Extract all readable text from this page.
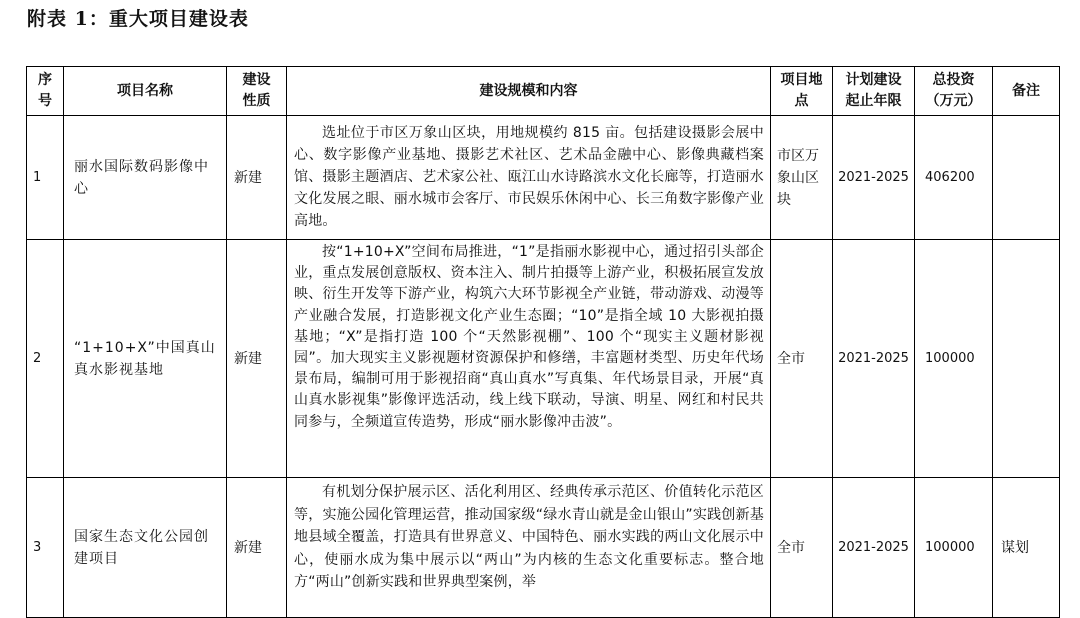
附表 1：重大项目建设表
序号	项目名称	建设性质	建设规模和内容	项目地点	计划建设起止年限	总投资（万元）	备注
1	丽水国际数码影像中心	新建	选址位于市区万象山区块，用地规模约 815 亩。包括建设摄影会展中心、数字影像产业基地、摄影艺术社区、艺术品金融中心、影像典藏档案馆、摄影主题酒店、艺术家公社、瓯江山水诗路滨水文化长廊等，打造丽水文化发展之眼、丽水城市会客厅、市民娱乐休闲中心、长三角数字影像产业高地。	市区万象山区块	2021-2025	406200	
2	“1+10+X”中国真山真水影视基地	新建	按“1+10+X”空间布局推进，“1”是指丽水影视中心，通过招引头部企业，重点发展创意版权、资本注入、制片拍摄等上游产业，积极拓展宣发放映、衍生开发等下游产业，构筑六大环节影视全产业链，带动游戏、动漫等产业融合发展，打造影视文化产业生态圈；“10”是指全域 10 大影视拍摄基地；“X”是指打造 100 个“天然影视棚”、100 个“现实主义题材影视园”。加大现实主义影视题材资源保护和修缮，丰富题材类型、历史年代场景布局，编制可用于影视招商“真山真水”写真集、年代场景目录，开展“真山真水影视集”影像评选活动，线上线下联动，导演、明星、网红和村民共同参与，全频道宣传造势，形成“丽水影像冲击波”。	全市	2021-2025	100000	
3	国家生态文化公园创建项目	新建	有机划分保护展示区、活化利用区、经典传承示范区、价值转化示范区等，实施公园化管理运营，推动国家级“绿水青山就是金山银山”实践创新基地县域全覆盖，打造具有世界意义、中国特色、丽水实践的两山文化展示中心，使丽水成为集中展示以“两山”为内核的生态文化重要标志。整合地方“两山”创新实践和世界典型案例，举	全市	2021-2025	100000	谋划
